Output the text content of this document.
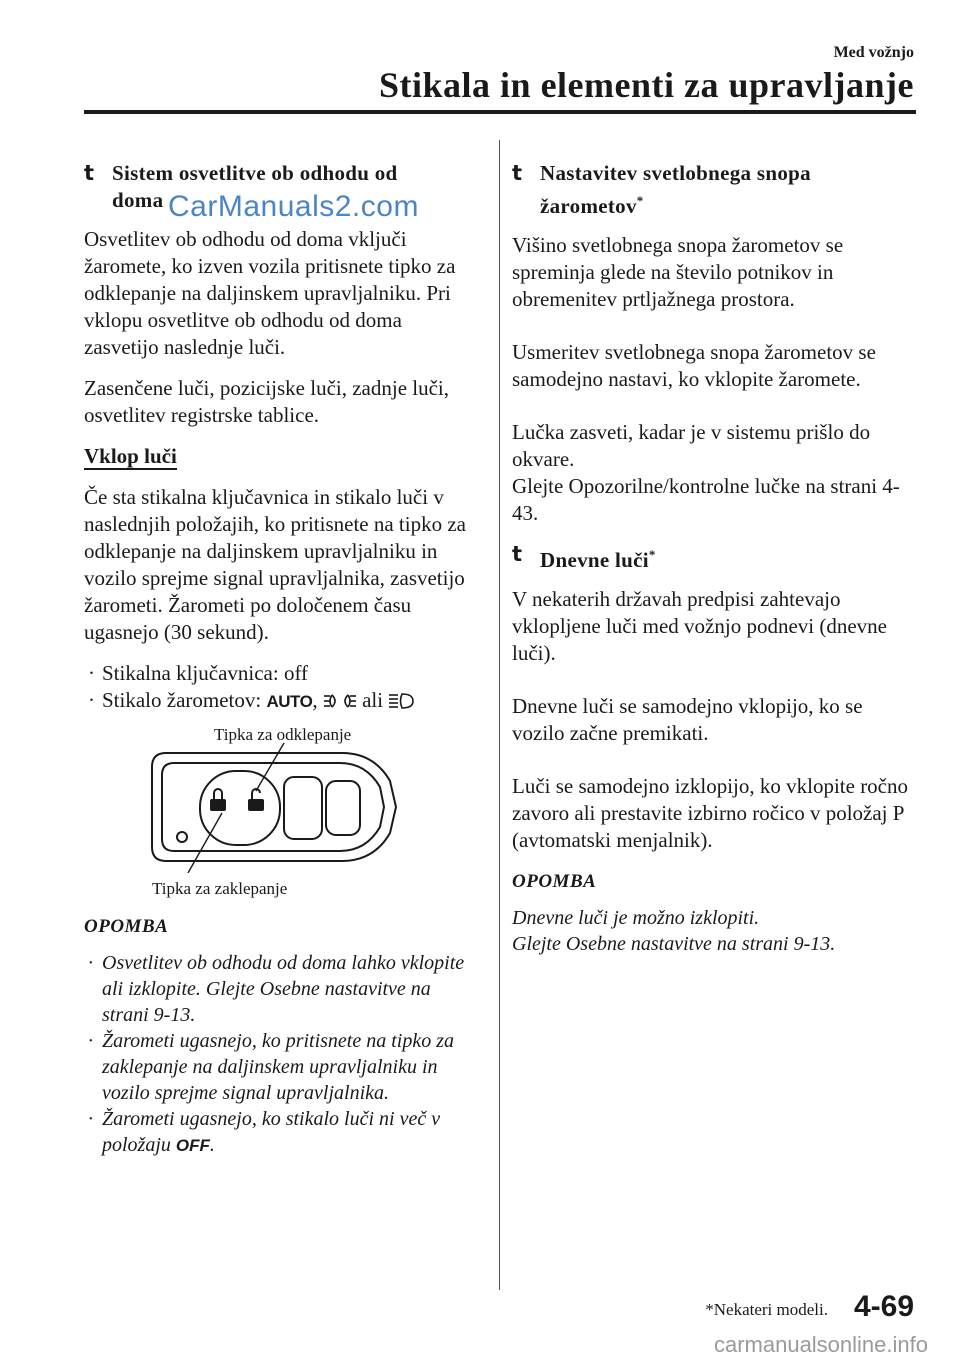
Med vožnjo
Stikala in elementi za upravljanje
t Sistem osvetlitve ob odhodu od
doma

Osvetlitev ob odhodu od doma vključi žaromete, ko izven vozila pritisnete tipko za odklepanje na daljinskem upravljalniku. Pri vklopu osvetlitve ob odhodu od doma zasvetijo naslednje luči.

Zasenčene luči, pozicijske luči, zadnje luči, osvetlitev registrske tablice.

Vklop luči

Če sta stikalna ključavnica in stikalo luči v naslednjih položajih, ko pritisnete na tipko za odklepanje na daljinskem upravljalniku in vozilo sprejme signal upravljalnika, zasvetijo žarometi. Žarometi po določenem času ugasnejo (30 sekund).

· Stikalna ključavnica: off
· Stikalo žarometov: AUTO, ali
Tipka za odklepanje
Tipka za zaklepanje
OPOMBA
· Osvetlitev ob odhodu od doma lahko vklopite ali izklopite. Glejte Osebne nastavitve na strani 9-13.
· Žarometi ugasnejo, ko pritisnete na tipko za zaklepanje na daljinskem upravljalniku in vozilo sprejme signal upravljalnika.
· Žarometi ugasnejo, ko stikalo luči ni več v položaju OFF.
t Nastavitev svetlobnega snopa žarometov*

Višino svetlobnega snopa žarometov se spreminja glede na število potnikov in obremenitev prtljažnega prostora.

Usmeritev svetlobnega snopa žarometov se samodejno nastavi, ko vklopite žaromete.

Lučka zasveti, kadar je v sistemu prišlo do okvare.

Glejte Opozorilne/kontrolne lučke na strani 4-43.

t Dnevne luči*

V nekaterih državah predpisi zahtevajo vklopljene luči med vožnjo podnevi (dnevne luči).

Dnevne luči se samodejno vklopijo, ko se vozilo začne premikati.

Luči se samodejno izklopijo, ko vklopite ročno zavoro ali prestavite izbirno ročico v položaj P (avtomatski menjalnik).

OPOMBA
Dnevne luči je možno izklopiti.
Glejte Osebne nastavitve na strani 9-13.
CarManuals2.com
*Nekateri modeli. 4-69
carmanualsonline.info
